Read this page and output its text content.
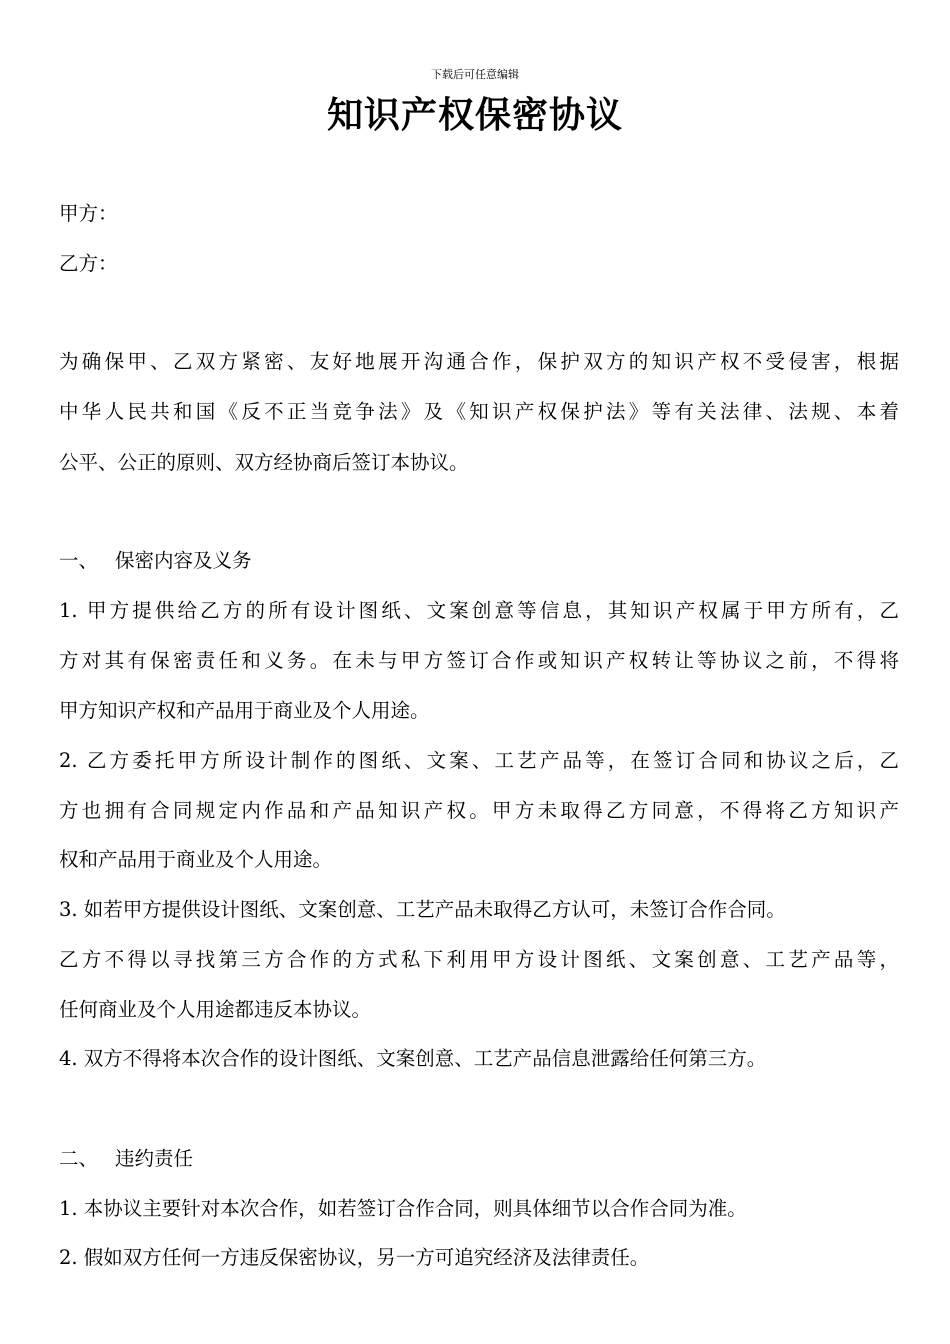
下载后可任意编辑
知识产权保密协议
甲方：
乙方：
为确保甲、乙双方紧密、友好地展开沟通合作，保护双方的知识产权不受侵害，根据
中华人民共和国《反不正当竞争法》及《知识产权保护法》等有关法律、法规、本着
公平、公正的原则、双方经协商后签订本协议。
一、 保密内容及义务
1. 甲方提供给乙方的所有设计图纸、文案创意等信息，其知识产权属于甲方所有，乙
方对其有保密责任和义务。在未与甲方签订合作或知识产权转让等协议之前，不得将
甲方知识产权和产品用于商业及个人用途。
2. 乙方委托甲方所设计制作的图纸、文案、工艺产品等，在签订合同和协议之后，乙
方也拥有合同规定内作品和产品知识产权。甲方未取得乙方同意，不得将乙方知识产
权和产品用于商业及个人用途。
3. 如若甲方提供设计图纸、文案创意、工艺产品未取得乙方认可，未签订合作合同。
乙方不得以寻找第三方合作的方式私下利用甲方设计图纸、文案创意、工艺产品等，
任何商业及个人用途都违反本协议。
4. 双方不得将本次合作的设计图纸、文案创意、工艺产品信息泄露给任何第三方。
二、 违约责任
1. 本协议主要针对本次合作，如若签订合作合同，则具体细节以合作合同为准。
2. 假如双方任何一方违反保密协议，另一方可追究经济及法律责任。
